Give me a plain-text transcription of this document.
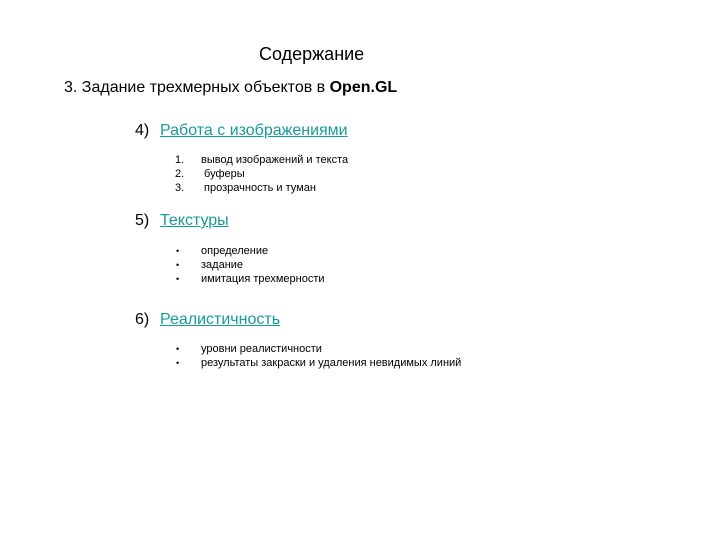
Содержание
3. Задание трехмерных объектов в Open.GL
4) Работа с изображениями
1. вывод изображений и текста
2. буферы
3. прозрачность и туман
5) Текстуры
• определение
• задание
• имитация трехмерности
6) Реалистичность
• уровни реалистичности
• результаты закраски и удаления невидимых линий
